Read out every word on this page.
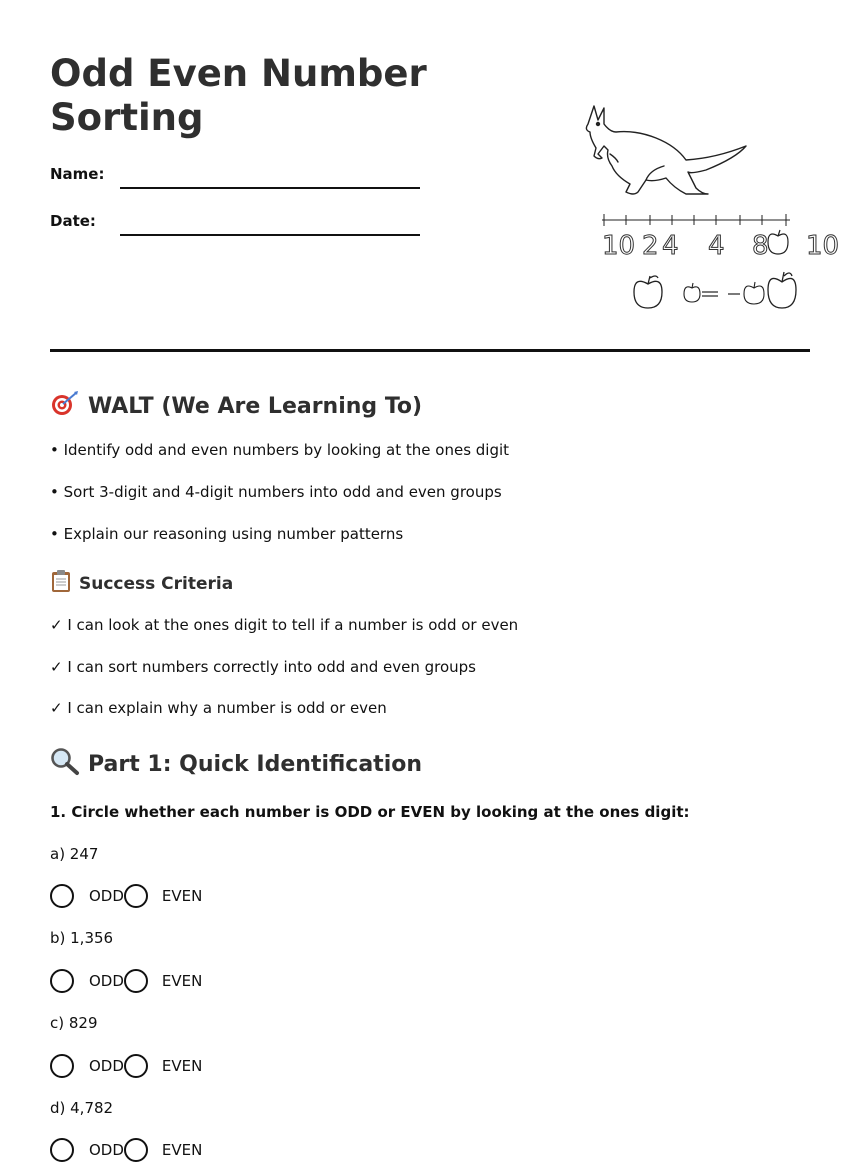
Odd Even Number Sorting
Name:
Date:
10 2 4 4 8 10
WALT (We Are Learning To)
• Identify odd and even numbers by looking at the ones digit
• Sort 3-digit and 4-digit numbers into odd and even groups
• Explain our reasoning using number patterns
Success Criteria
✓ I can look at the ones digit to tell if a number is odd or even
✓ I can sort numbers correctly into odd and even groups
✓ I can explain why a number is odd or even
Part 1: Quick Identification
1. Circle whether each number is ODD or EVEN by looking at the ones digit:
a) 247
ODD	EVEN
b) 1,356
ODD	EVEN
c) 829
ODD	EVEN
d) 4,782
ODD	EVEN
